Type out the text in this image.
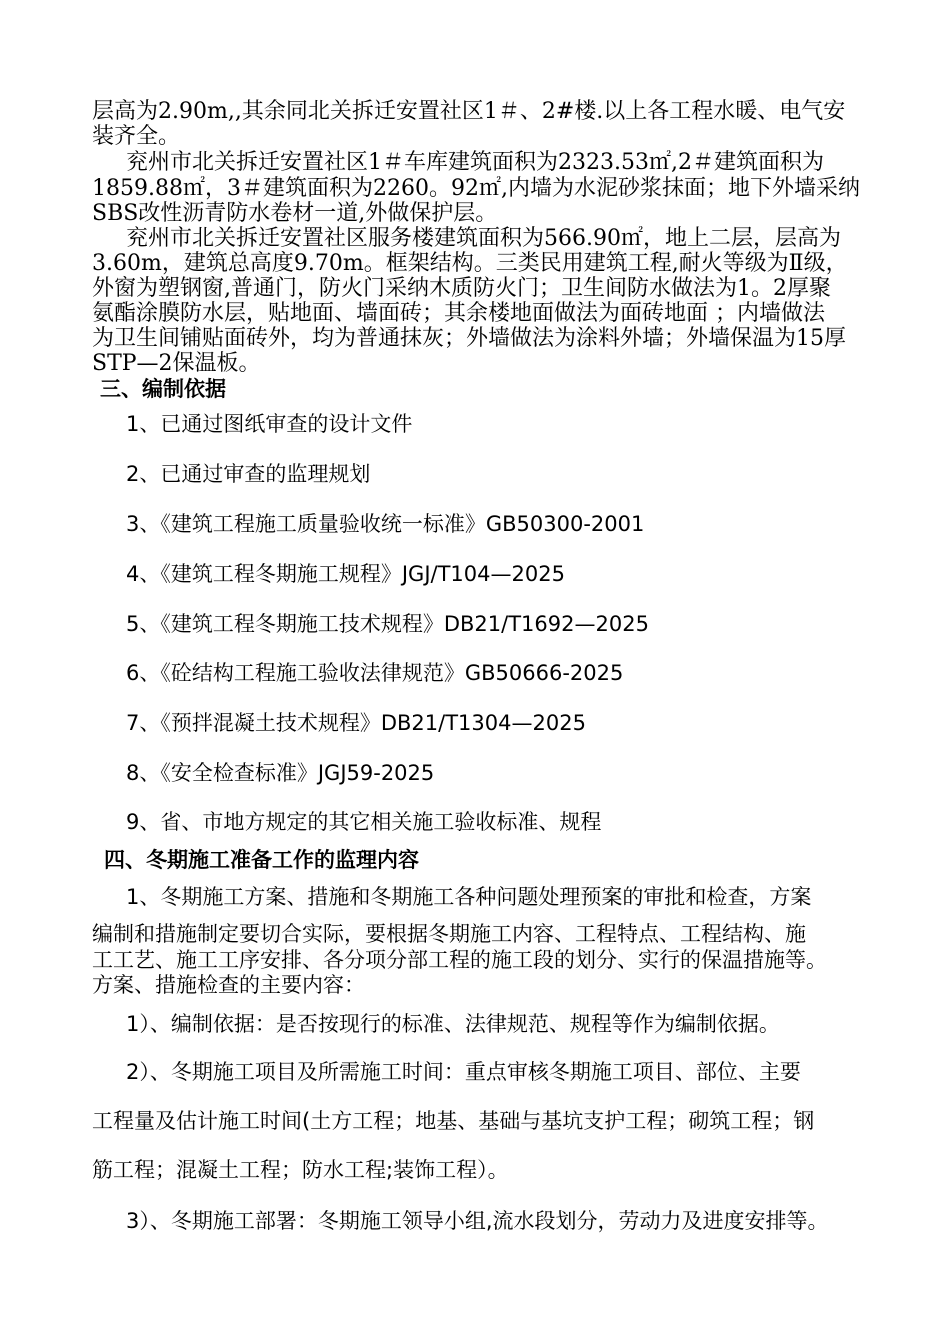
层高为2.90m,,其余同北关拆迁安置社区1＃、2#楼.以上各工程水暖、电气安
装齐全。
兖州市北关拆迁安置社区1＃车库建筑面积为2323.53㎡,2＃建筑面积为
1859.88㎡，3＃建筑面积为2260。92㎡,内墙为水泥砂浆抹面；地下外墙采纳
SBS改性沥青防水卷材一道,外做保护层。
兖州市北关拆迁安置社区服务楼建筑面积为566.90㎡，地上二层，层高为
3.60m，建筑总高度9.70m。框架结构。三类民用建筑工程,耐火等级为Ⅱ级，
外窗为塑钢窗,普通门，防火门采纳木质防火门；卫生间防水做法为1。2厚聚
氨酯涂膜防水层，贴地面、墙面砖；其余楼地面做法为面砖地面 ；内墙做法
为卫生间铺贴面砖外，均为普通抹灰；外墙做法为涂料外墙；外墙保温为15厚
STP—2保温板。
三、编制依据
1、已通过图纸审查的设计文件
2、已通过审查的监理规划
3、《建筑工程施工质量验收统一标准》GB50300-2001
4、《建筑工程冬期施工规程》JGJ/T104—2025
5、《建筑工程冬期施工技术规程》DB21/T1692—2025
6、《砼结构工程施工验收法律规范》GB50666-2025
7、《预拌混凝土技术规程》DB21/T1304—2025
8、《安全检查标准》JGJ59-2025
9、省、市地方规定的其它相关施工验收标准、规程
四、冬期施工准备工作的监理内容
1、冬期施工方案、措施和冬期施工各种问题处理预案的审批和检查，方案
编制和措施制定要切合实际，要根据冬期施工内容、工程特点、工程结构、施
工工艺、施工工序安排、各分项分部工程的施工段的划分、实行的保温措施等。
方案、措施检查的主要内容：
1）、编制依据：是否按现行的标准、法律规范、规程等作为编制依据。
2）、冬期施工项目及所需施工时间：重点审核冬期施工项目、部位、主要
工程量及估计施工时间(土方工程；地基、基础与基坑支护工程；砌筑工程；钢
筋工程；混凝土工程；防水工程;装饰工程）。
3）、冬期施工部署：冬期施工领导小组,流水段划分，劳动力及进度安排等。
